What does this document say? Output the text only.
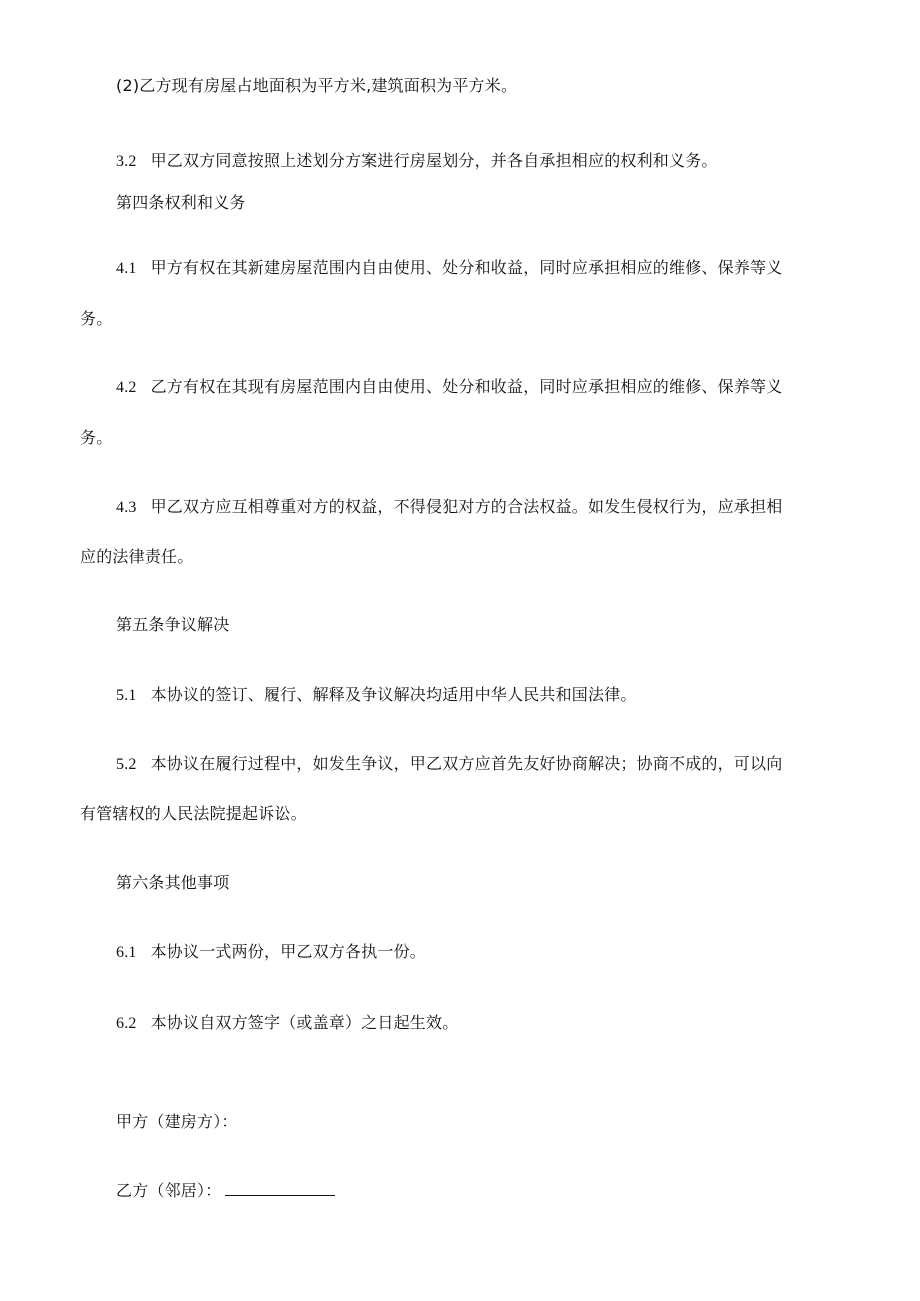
(2)乙方现有房屋占地面积为平方米,建筑面积为平方米。
3.2 甲乙双方同意按照上述划分方案进行房屋划分，并各自承担相应的权利和义务。
第四条权利和义务
4.1 甲方有权在其新建房屋范围内自由使用、处分和收益，同时应承担相应的维修、保养等义
务。
4.2 乙方有权在其现有房屋范围内自由使用、处分和收益，同时应承担相应的维修、保养等义
务。
4.3 甲乙双方应互相尊重对方的权益，不得侵犯对方的合法权益。如发生侵权行为，应承担相
应的法律责任。
第五条争议解决
5.1 本协议的签订、履行、解释及争议解决均适用中华人民共和国法律。
5.2 本协议在履行过程中，如发生争议，甲乙双方应首先友好协商解决；协商不成的，可以向
有管辖权的人民法院提起诉讼。
第六条其他事项
6.1 本协议一式两份，甲乙双方各执一份。
6.2 本协议自双方签字（或盖章）之日起生效。
甲方（建房方）：
乙方（邻居）：
